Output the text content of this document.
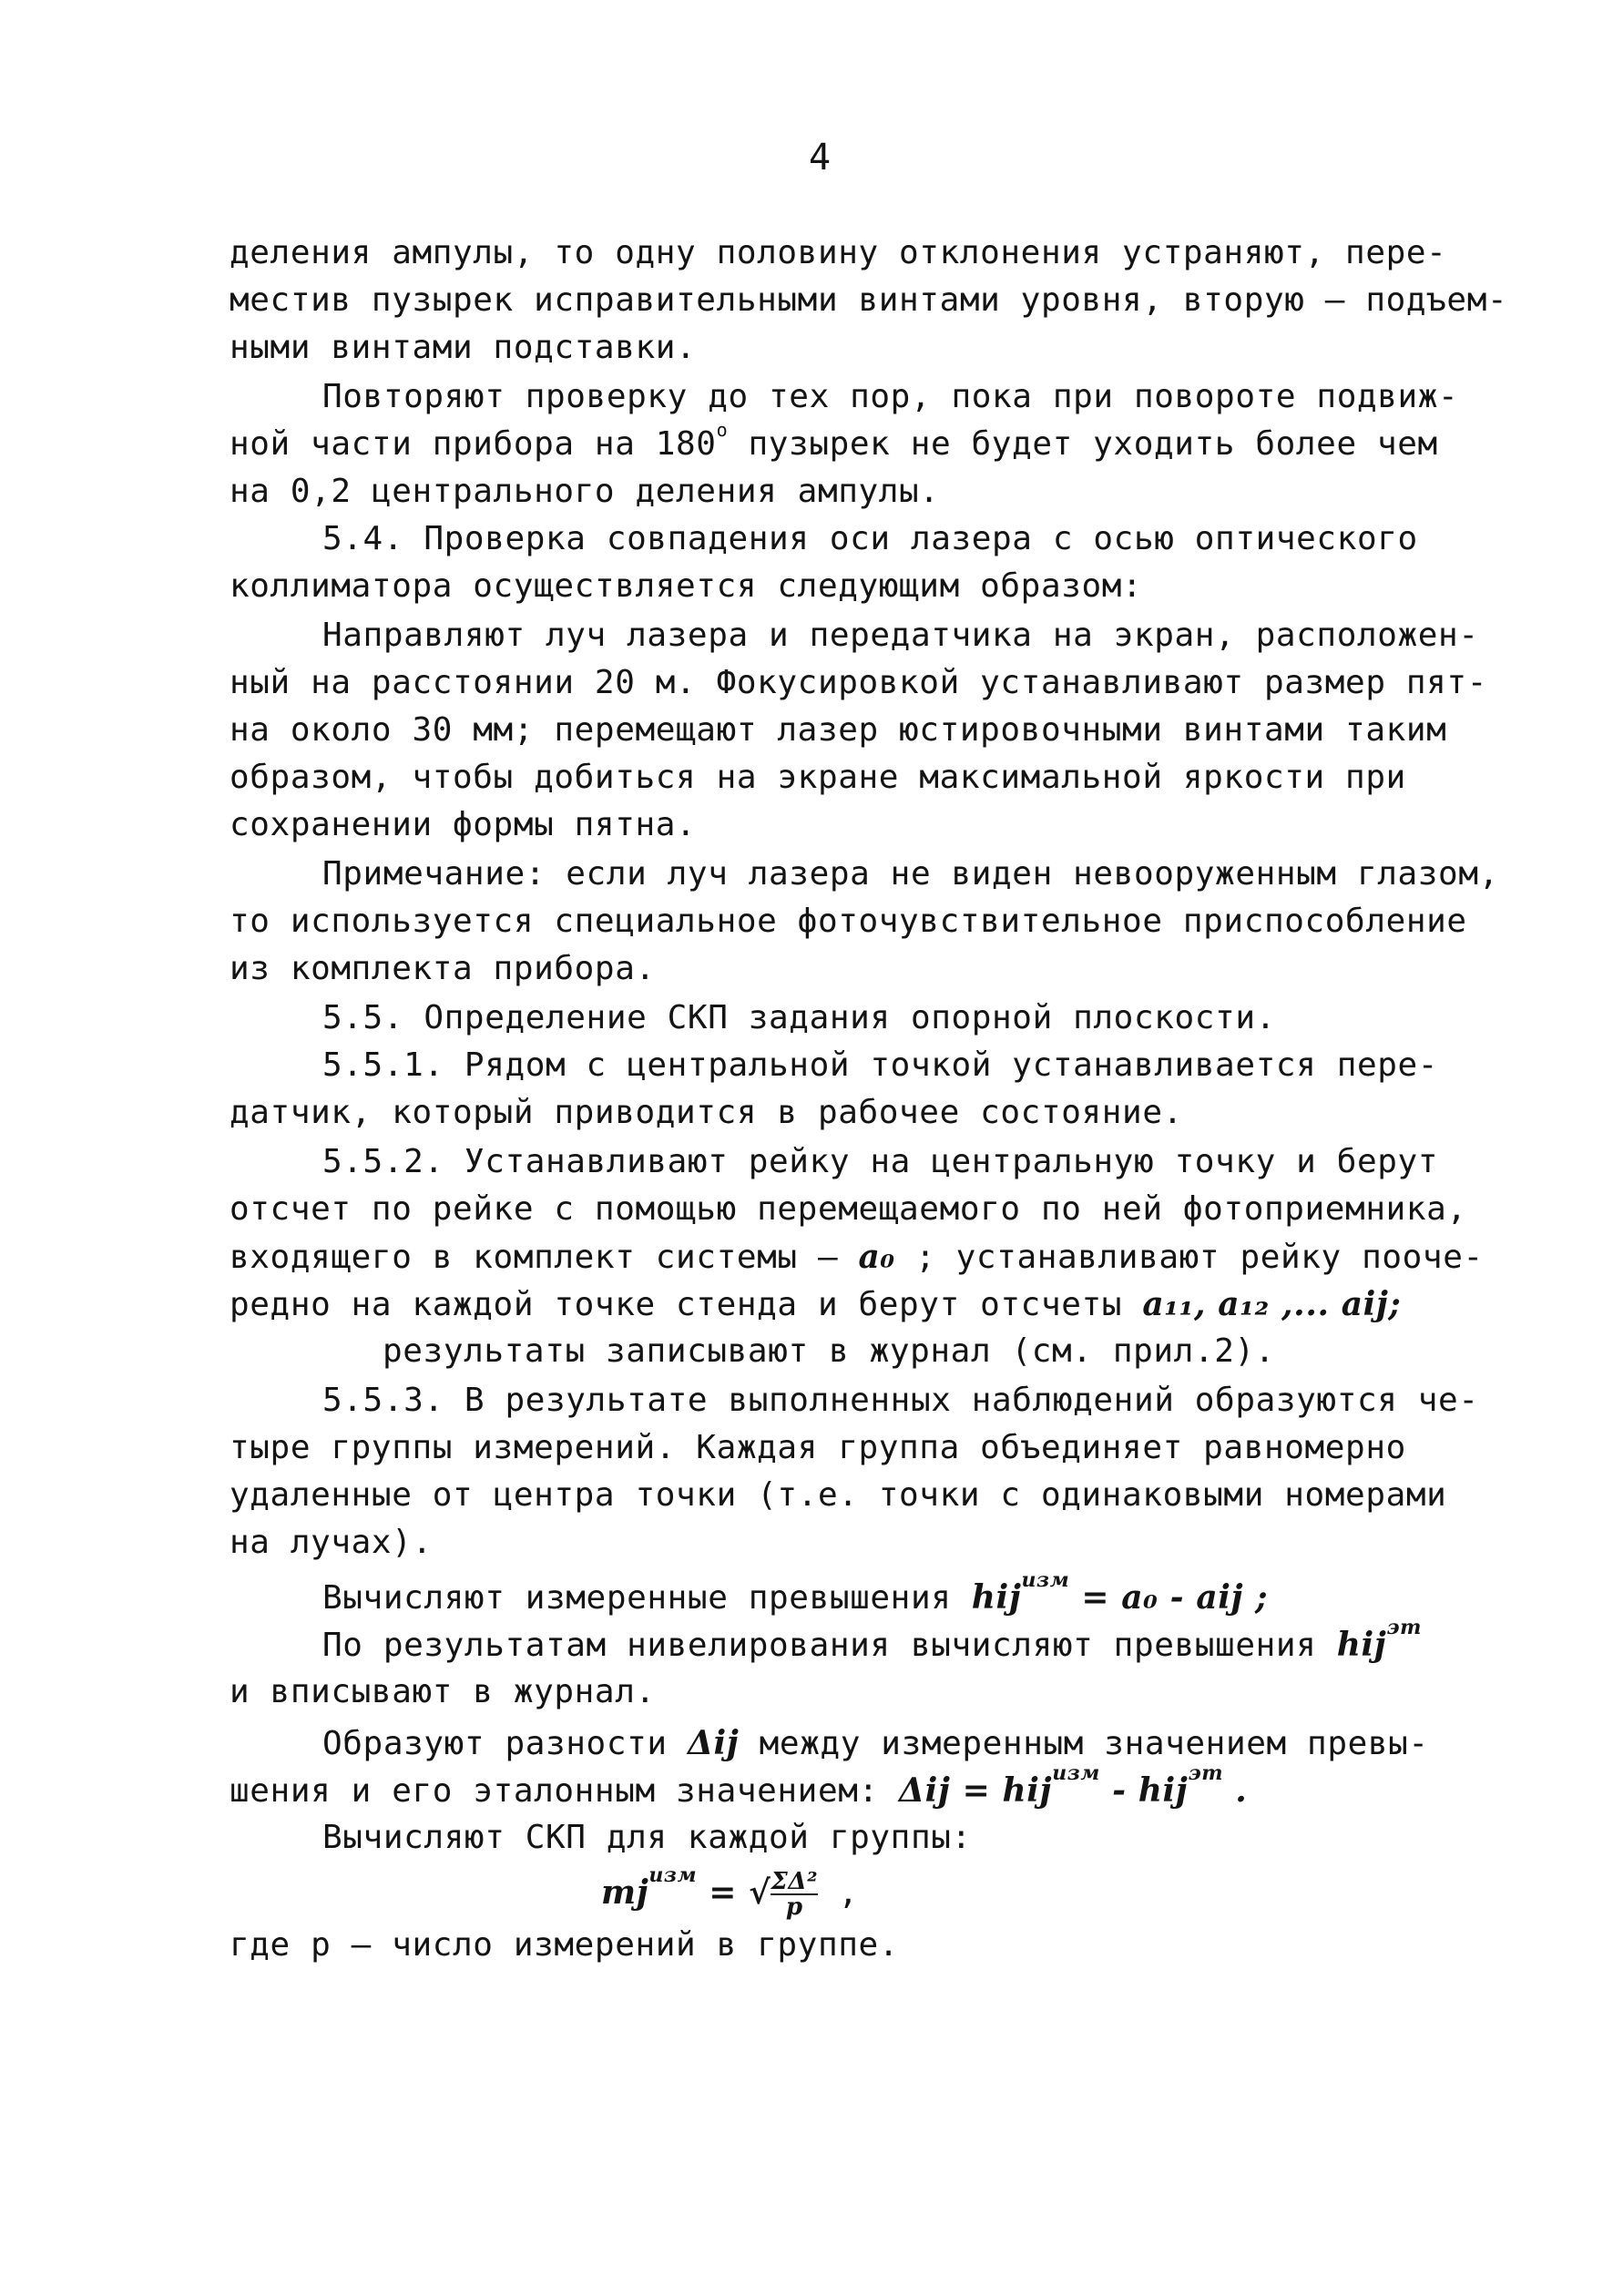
4
деления ампулы, то одну половину отклонения устраняют, пере-
местив пузырек исправительными винтами уровня, вторую – подъем-
ными винтами подставки.
Повторяют проверку до тех пор, пока при повороте подвиж-
ной части прибора на 180$^o$ пузырек не будет уходить более чем
на 0,2 центрального деления ампулы.
5.4. Проверка совпадения оси лазера с осью оптического
коллиматора осуществляется следующим образом:
Направляют луч лазера и передатчика на экран, расположен-
ный на расстоянии 20 м. Фокусировкой устанавливают размер пят-
на около 30 мм; перемещают лазер юстировочными винтами таким
образом, чтобы добиться на экране максимальной яркости при
сохранении формы пятна.
Примечание: если луч лазера не виден невооруженным глазом,
то используется специальное фоточувствительное приспособление
из комплекта прибора.
5.5. Определение СКП задания опорной плоскости.
5.5.1. Рядом с центральной точкой устанавливается пере-
датчик, который приводится в рабочее состояние.
5.5.2. Устанавливают рейку на центральную точку и берут
отсчет по рейке с помощью перемещаемого по ней фотоприемника,
входящего в комплект системы – a₀ ; устанавливают рейку пооче-
редно на каждой точке стенда и берут отсчеты a₁₁, a₁₂ ,... aij;
результаты записывают в журнал (см. прил.2).
5.5.3. В результате выполненных наблюдений образуются че-
тыре группы измерений. Каждая группа объединяет равномерно
удаленные от центра точки (т.е. точки с одинаковыми номерами
на лучах).
Вычисляют измеренные превышения hij$^{изм}$ = a₀ - aij ;
По результатам нивелирования вычисляют превышения hij$^{эт}$
и вписывают в журнал.
Образуют разности Δij между измеренным значением превы-
шения и его эталонным значением: Δij = hij$^{изм}$ - hij$^{эт}$ .
Вычисляют СКП для каждой группы:
$mj^{изм}$ = √ $\frac{\text{ΣΔ²}}{p}$ ,
где p – число измерений в группе.
